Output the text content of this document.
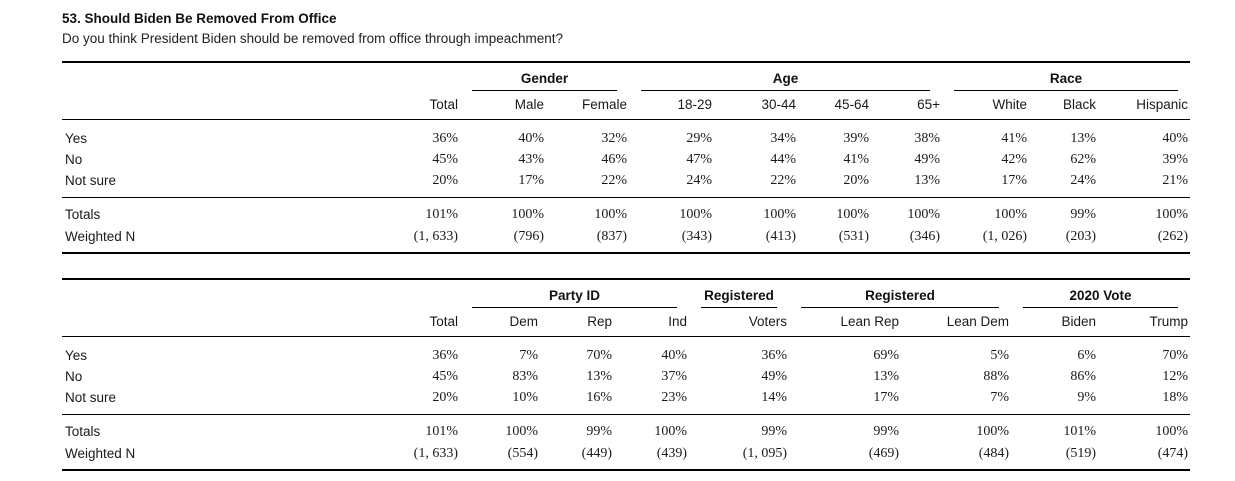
53. Should Biden Be Removed From Office
Do you think President Biden should be removed from office through impeachment?

		Gender		Age				Race		

	Total	Male	Female	18-29	30-44	45-64	65+	White	Black	Hispanic
Yes	36%	40%	32%	29%	34%	39%	38%	41%	13%	40%
No	45%	43%	46%	47%	44%	41%	49%	42%	62%	39%
Not sure	20%	17%	22%	24%	22%	20%	13%	17%	24%	21%
Totals	101%	100%	100%	100%	100%	100%	100%	100%	99%	100%
Weighted N	(1, 633)	(796)	(837)	(343)	(413)	(531)	(346)	(1, 026)	(203)	(262)

		Party ID			Registered	Registered		2020 Vote	

	Total	Dem	Rep	Ind	Voters	Lean Rep	Lean Dem	Biden	Trump
Yes	36%	7%	70%	40%	36%	69%	5%	6%	70%
No	45%	83%	13%	37%	49%	13%	88%	86%	12%
Not sure	20%	10%	16%	23%	14%	17%	7%	9%	18%
Totals	101%	100%	99%	100%	99%	99%	100%	101%	100%
Weighted N	(1, 633)	(554)	(449)	(439)	(1, 095)	(469)	(484)	(519)	(474)
